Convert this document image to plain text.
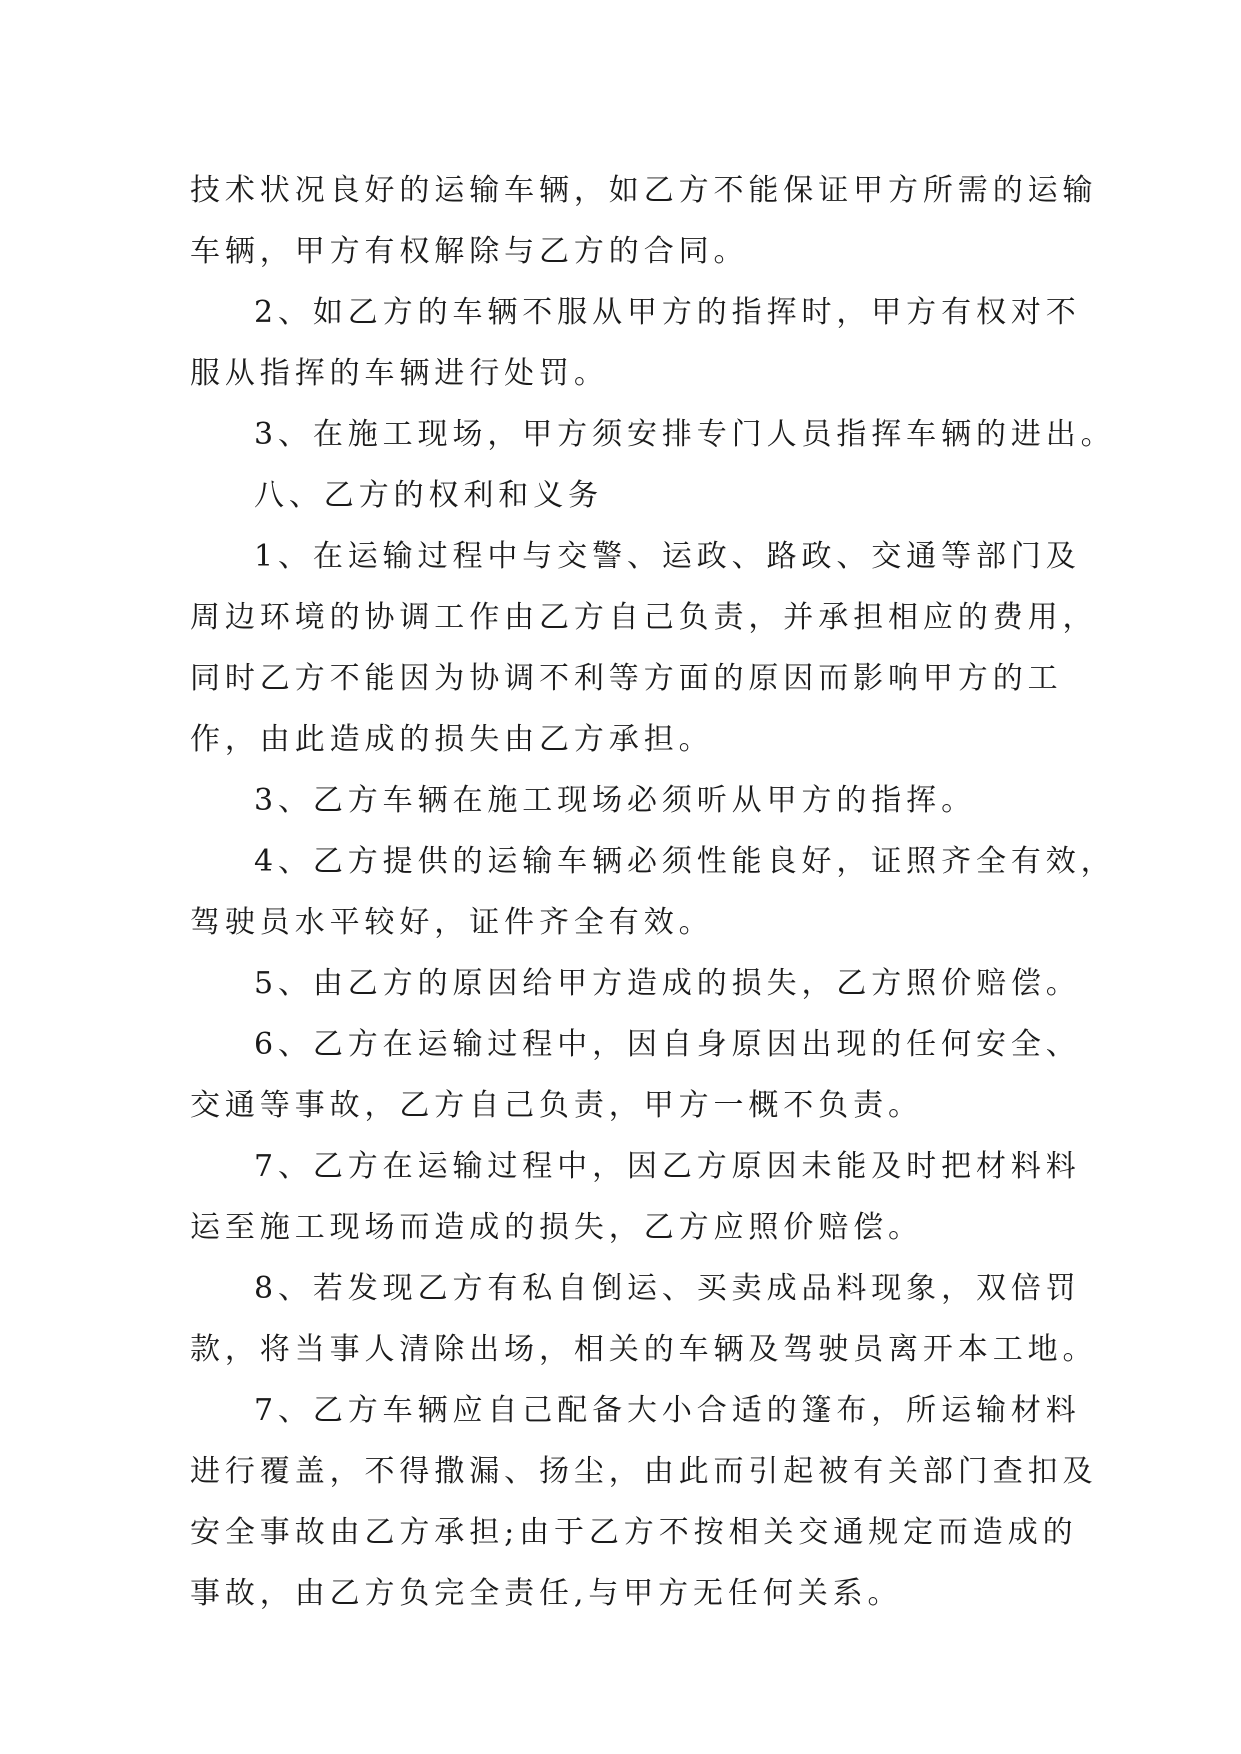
技术状况良好的运输车辆，如乙方不能保证甲方所需的运输
车辆，甲方有权解除与乙方的合同。
2、如乙方的车辆不服从甲方的指挥时，甲方有权对不
服从指挥的车辆进行处罚。
3、在施工现场，甲方须安排专门人员指挥车辆的进出。
八、乙方的权利和义务
1、在运输过程中与交警、运政、路政、交通等部门及
周边环境的协调工作由乙方自己负责，并承担相应的费用，
同时乙方不能因为协调不利等方面的原因而影响甲方的工
作，由此造成的损失由乙方承担。
3、乙方车辆在施工现场必须听从甲方的指挥。
4、乙方提供的运输车辆必须性能良好，证照齐全有效，
驾驶员水平较好，证件齐全有效。
5、由乙方的原因给甲方造成的损失，乙方照价赔偿。
6、乙方在运输过程中，因自身原因出现的任何安全、
交通等事故，乙方自己负责，甲方一概不负责。
7、乙方在运输过程中，因乙方原因未能及时把材料料
运至施工现场而造成的损失，乙方应照价赔偿。
8、若发现乙方有私自倒运、买卖成品料现象，双倍罚
款，将当事人清除出场，相关的车辆及驾驶员离开本工地。
7、乙方车辆应自己配备大小合适的篷布，所运输材料
进行覆盖，不得撒漏、扬尘，由此而引起被有关部门查扣及
安全事故由乙方承担;由于乙方不按相关交通规定而造成的
事故，由乙方负完全责任,与甲方无任何关系。
